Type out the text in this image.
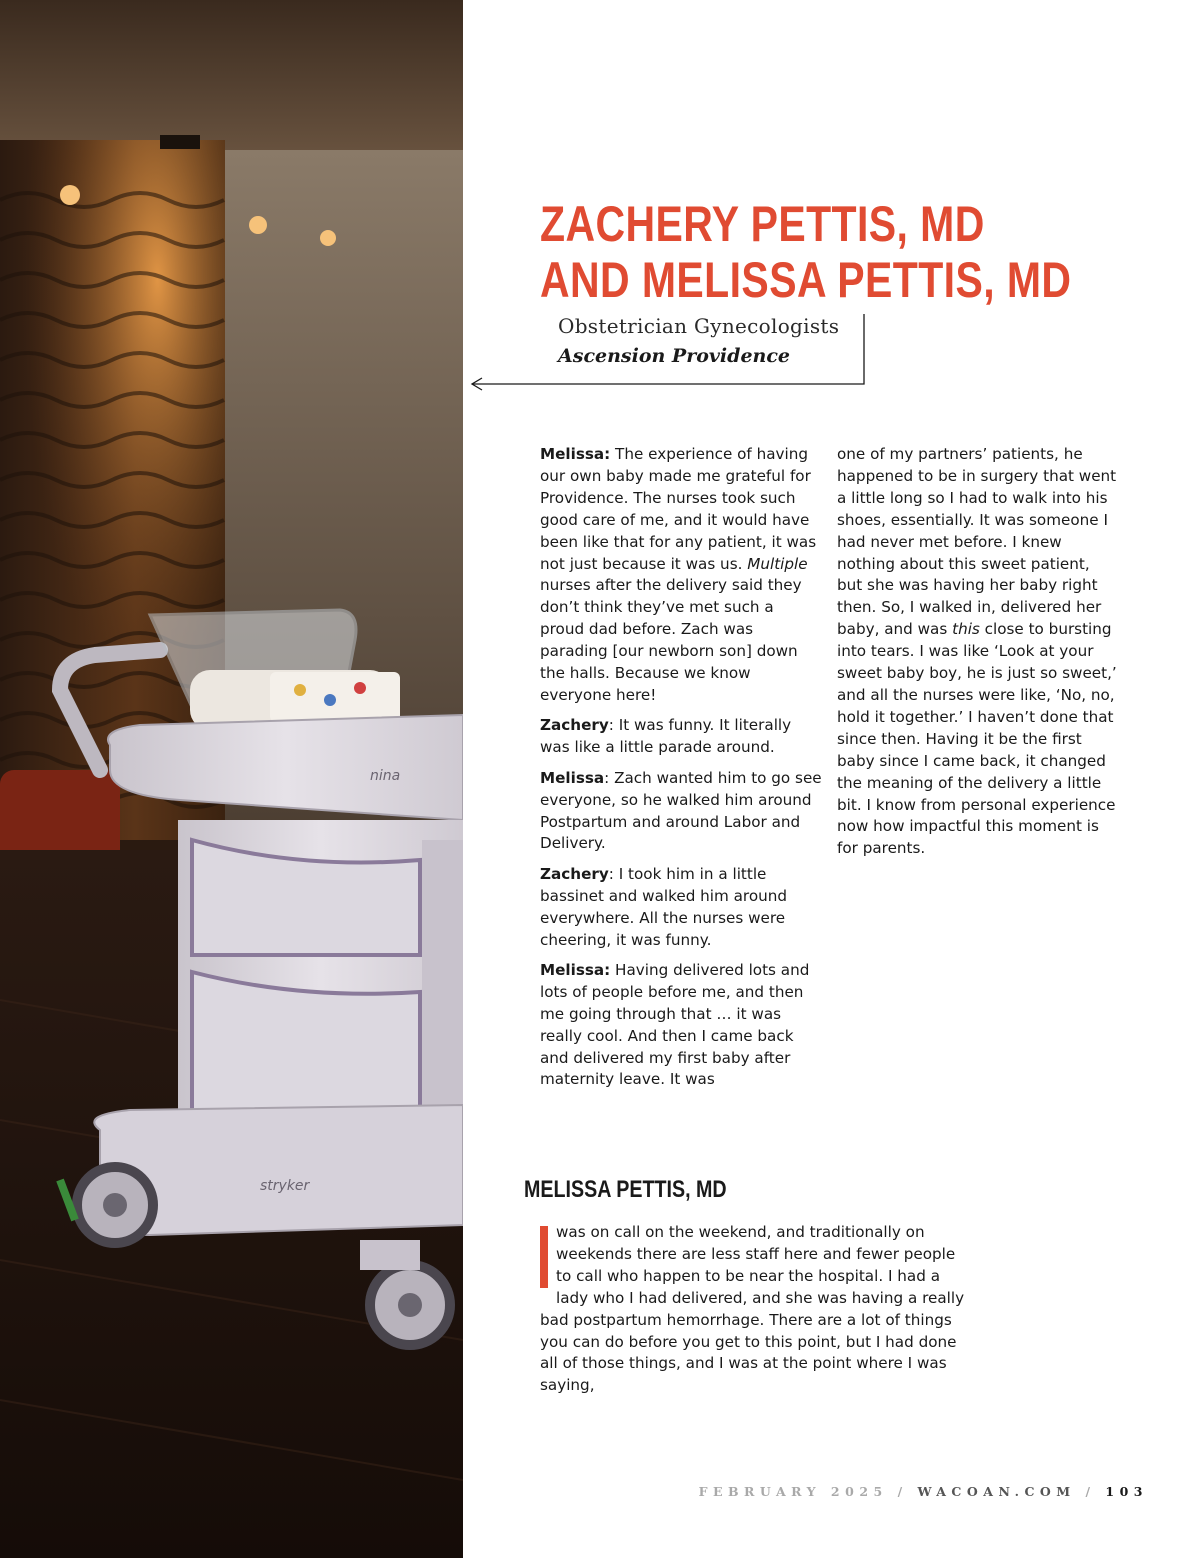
nina
stryker
ZACHERY PETTIS, MD
AND MELISSA PETTIS, MD
Obstetrician Gynecologists
Ascension Providence

Melissa: The experience of having our own baby made me grateful for Providence. The nurses took such good care of me, and it would have been like that for any patient, it was not just because it was us. Multiple nurses after the delivery said they don’t think they’ve met such a proud dad before. Zach was parading [our newborn son] down the halls. Because we know everyone here!

Zachery: It was funny. It literally was like a little parade around.

Melissa: Zach wanted him to go see everyone, so he walked him around Postpartum and around Labor and Delivery.

Zachery: I took him in a little bassinet and walked him around everywhere. All the nurses were cheering, it was funny.

Melissa: Having delivered lots and lots of people before me, and then me going through that … it was really cool. And then I came back and delivered my first baby after maternity leave. It was

one of my partners’ patients, he happened to be in surgery that went a little long so I had to walk into his shoes, essentially. It was someone I had never met before. I knew nothing about this sweet patient, but she was having her baby right then. So, I walked in, delivered her baby, and was this close to bursting into tears. I was like ‘Look at your sweet baby boy, he is just so sweet,’ and all the nurses were like, ‘No, no, hold it together.’ I haven’t done that since then. Having it be the first baby since I came back, it changed the meaning of the delivery a little bit. I know from personal experience now how impactful this moment is for parents.

MELISSA PETTIS, MD

was on call on the weekend, and traditionally on weekends there are less staff here and fewer people to call who happen to be near the hospital. I had a lady who I had delivered, and she was having a really bad postpartum hemorrhage. There are a lot of things you can do before you get to this point, but I had done all of those things, and I was at the point where I was saying,

FEBRUARY 2025 / WACOAN.COM / 103
